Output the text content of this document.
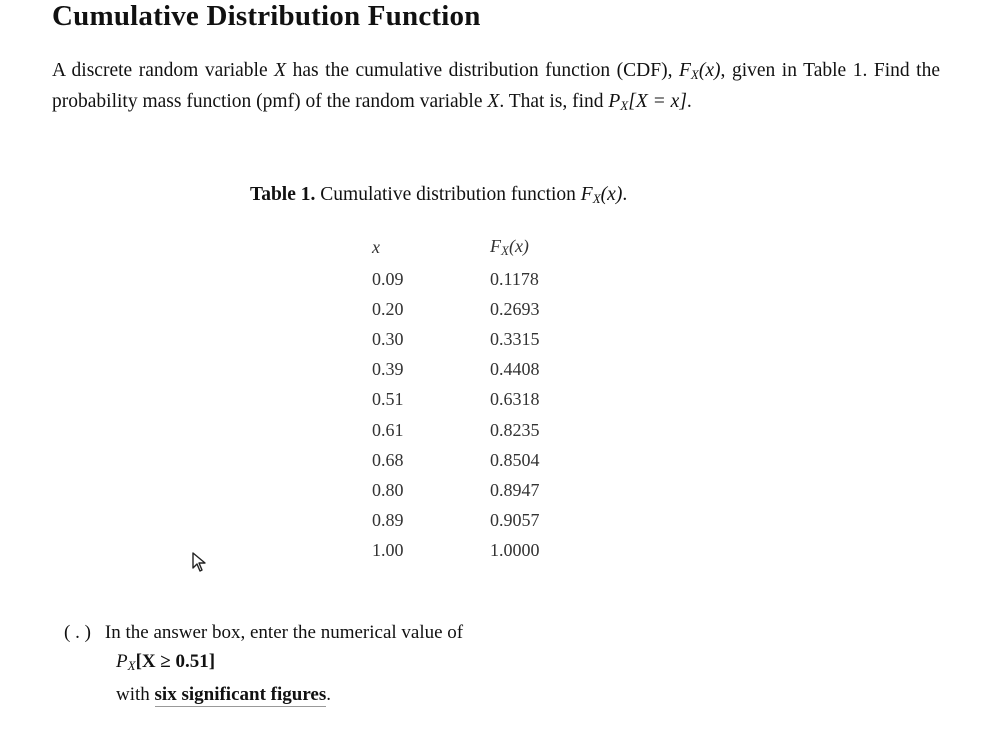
Cumulative Distribution Function
A discrete random variable X has the cumulative distribution function (CDF), $F_X(x)$, given in Table 1. Find the probability mass function (pmf) of the random variable X. That is, find $P_X[X = x]$.
Table 1. Cumulative distribution function $F_X(x)$.
x	$F_X(x)$
0.09	0.1178
0.20	0.2693
0.30	0.3315
0.39	0.4408
0.51	0.6318
0.61	0.8235
0.68	0.8504
0.80	0.8947
0.89	0.9057
1.00	1.0000
( . ) In the answer box, enter the numerical value of
$P_X[X \ge 0.51]$
with six significant figures.
